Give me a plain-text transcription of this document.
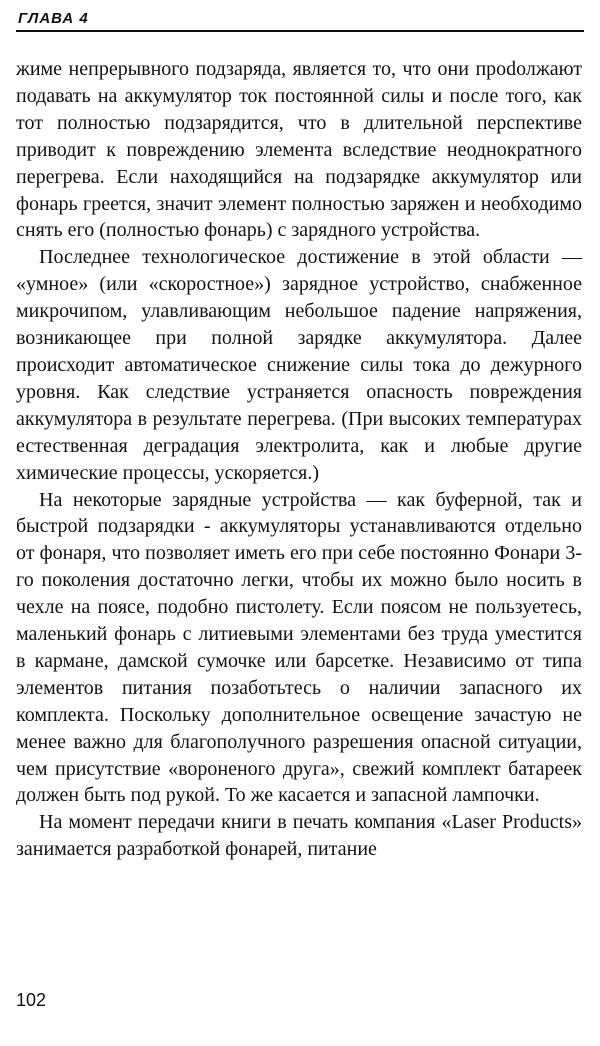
ГЛАВА 4

жиме непрерывного подзаряда, является то, что они проdолжают подавать на аккумулятор ток постоянной силы и после того, как тот полностью подзарядится, что в длительной перспективе приводит к повреждению элемента вследствие неоднократного перегрева. Если находящийся на подзарядке аккумулятор или фонарь греется, значит элемент полностью заряжен и необходимо снять его (полностью фонарь) с зарядного устройства.

Последнее технологическое достижение в этой области — «умное» (или «скоростное») зарядное устройство, снабженное микрочипом, улавливающим небольшое падение напряжения, возникающее при полной зарядке аккумулятора. Далее происходит автоматическое снижение силы тока до дежурного уровня. Как следствие устраняется опасность повреждения аккумулятора в результате перегрева. (При высоких температурах естественная деградация электролита, как и любые другие химические процессы, ускоряется.)

На некоторые зарядные устройства — как буферной, так и быстрой подзарядки - аккумуляторы устанавливаются отдельно от фонаря, что позволяет иметь его при себе постоянно Фонари 3-го поколения достаточно легки, чтобы их можно было носить в чехле на поясе, подобно пистолету. Если поясом не пользуетесь, маленький фонарь с литиевыми элементами без труда уместится в кармане, дамской сумочке или барсетке. Независимо от типа элементов питания позаботьтесь о наличии запасного их комплекта. Поскольку дополнительное освещение зачастую не менее важно для благополучного разрешения опасной ситуации, чем присутствие «вороненого друга», свежий комплект батареек должен быть под рукой. То же касается и запасной лампочки.

На момент передачи книги в печать компания «Laser Products» занимается разработкой фонарей, питание

102
